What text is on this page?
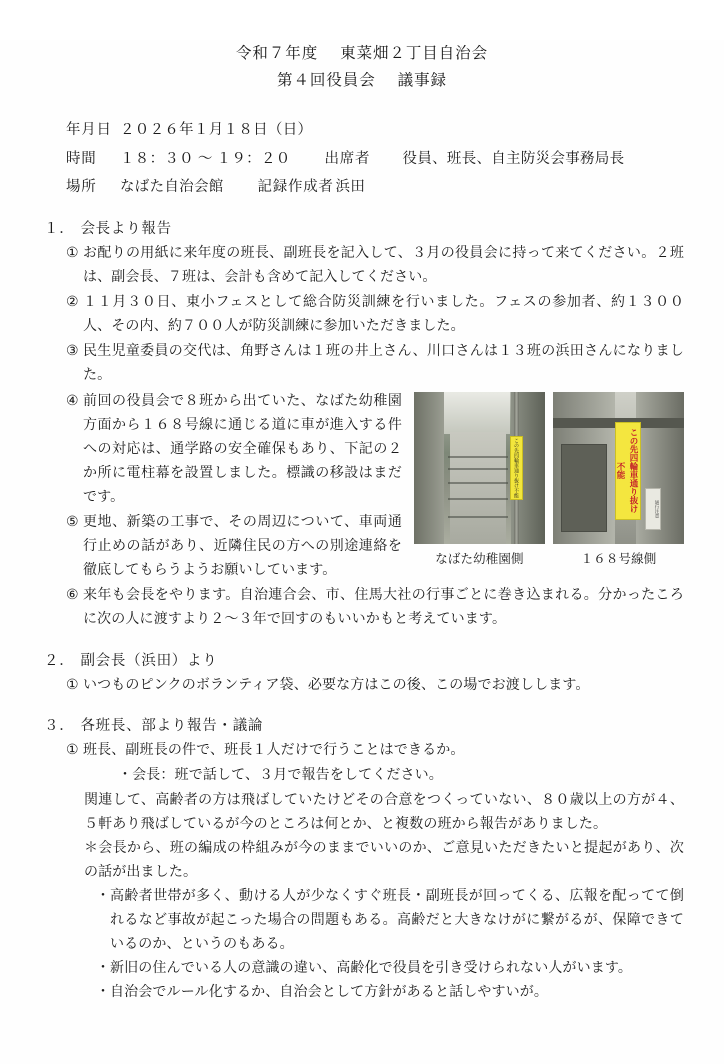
令和７年度 東菜畑２丁目自治会
第４回役員会 議事録
年月日 ２０２６年１月１８日（日）
時間	１８：３０ ～ １９：２０ 出席者	役員、班長、自主防災会事務局長
場所	なばた自治会館 記録作成者 浜田
１． 会長より報告
① お配りの用紙に来年度の班長、副班長を記入して、３月の役員会に持って来てください。２班は、副会長、７班は、会計も含めて記入してください。
② １１月３０日、東小フェスとして総合防災訓練を行いました。フェスの参加者、約１３００人、その内、約７００人が防災訓練に参加いただきました。
③ 民生児童委員の交代は、角野さんは１班の井上さん、川口さんは１３班の浜田さんになりました。
この先四輪車通り抜け不能	この先四輪車通り抜け不能
通行注意
なばた幼稚園側	１６８号線側
④ 前回の役員会で８班から出ていた、なばた幼稚園方面から１６８号線に通じる道に車が進入する件への対応は、通学路の安全確保もあり、下記の２か所に電柱幕を設置しました。標識の移設はまだです。
⑤ 更地、新築の工事で、その周辺について、車両通行止めの話があり、近隣住民の方への別途連絡を徹底してもらうようお願いしています。
⑥ 来年も会長をやります。自治連合会、市、住馬大社の行事ごとに巻き込まれる。分かったころに次の人に渡すより２～３年で回すのもいいかもと考えています。
２． 副会長（浜田）より
① いつものピンクのボランティア袋、必要な方はこの後、この場でお渡しします。
３． 各班長、部より報告・議論
① 班長、副班長の件で、班長１人だけで行うことはできるか。
・会長：班で話して、３月で報告をしてください。
関連して、高齢者の方は飛ばしていたけどその合意をつくっていない、８０歳以上の方が４、５軒あり飛ばしているが今のところは何とか、と複数の班から報告がありました。
＊会長から、班の編成の枠組みが今のままでいいのか、ご意見いただきたいと提起があり、次の話が出ました。
・ 高齢者世帯が多く、動ける人が少なくすぐ班長・副班長が回ってくる、広報を配ってて倒れるなど事故が起こった場合の問題もある。高齢だと大きなけがに繋がるが、保障できているのか、というのもある。
・ 新旧の住んでいる人の意識の違い、高齢化で役員を引き受けられない人がいます。
・ 自治会でルール化するか、自治会として方針があると話しやすいが。
